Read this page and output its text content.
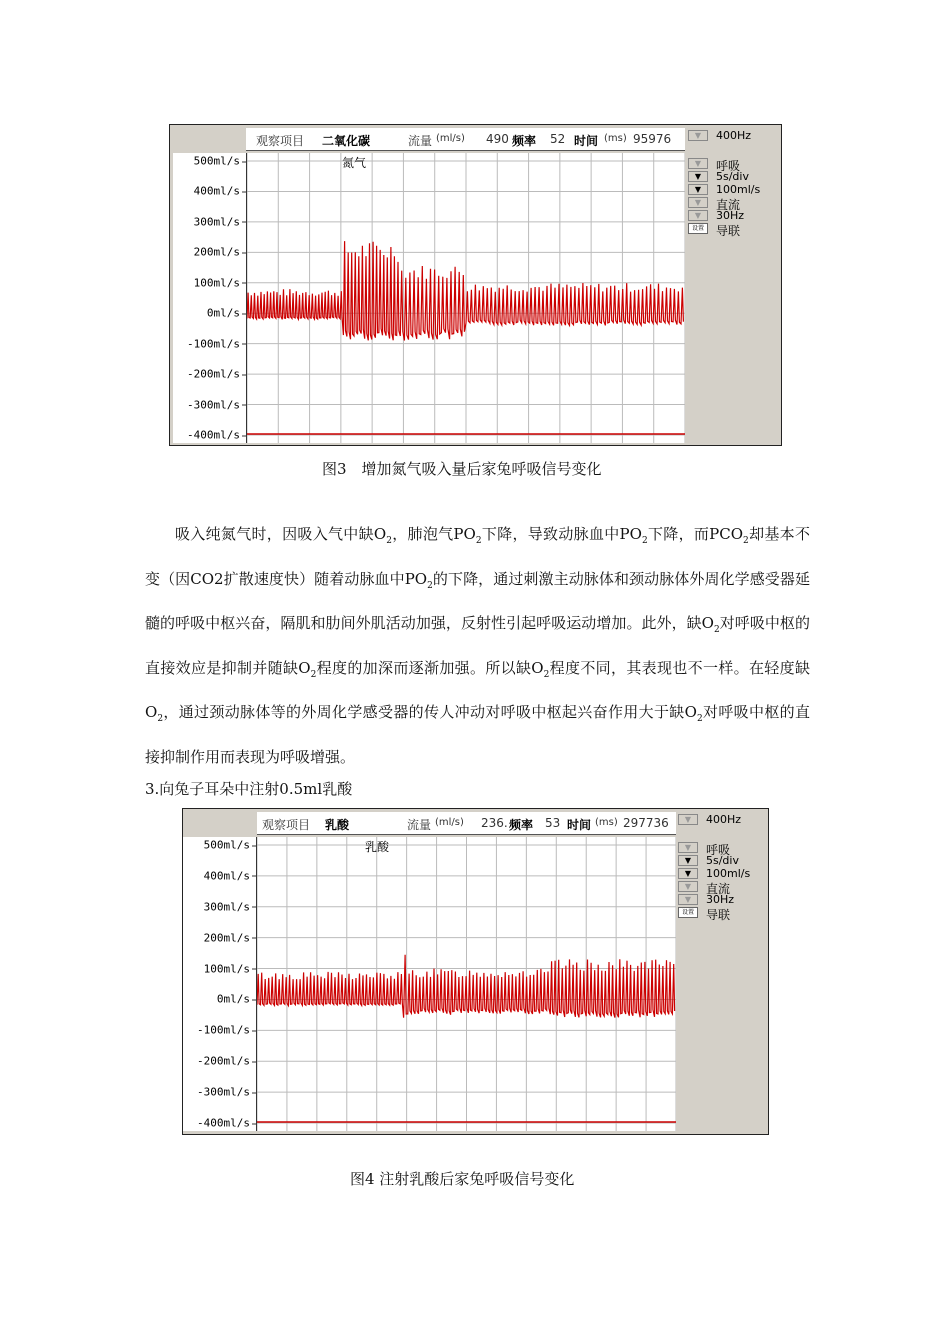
观察项目 二氧化碳	流量 (ml/s) 490 频率 52 时间 (ms) 95976
500ml/s
400ml/s
300ml/s
200ml/s
100ml/s
0ml/s
-100ml/s
-200ml/s
-300ml/s
-400ml/s
氮气
▼	400Hz
▼	呼吸
▼	5s/div
▼	100ml/s
▼	直流
▼	30Hz
设置	导联
图3　增加氮气吸入量后家兔呼吸信号变化

吸入纯氮气时，因吸入气中缺$O_2$，肺泡气$PO_2$下降，导致动脉血中$PO_2$下降，而$PCO_2$却基本不变（因CO2扩散速度快）随着动脉血中$PO_2$的下降，通过刺激主动脉体和颈动脉体外周化学感受器延髓的呼吸中枢兴奋，隔肌和肋间外肌活动加强，反射性引起呼吸运动增加。此外，缺$O_2$对呼吸中枢的直接效应是抑制并随缺$O_2$程度的加深而逐渐加强。所以缺$O_2$程度不同，其表现也不一样。在轻度缺$O_2$，通过颈动脉体等的外周化学感受器的传人冲动对呼吸中枢起兴奋作用大于缺$O_2$对呼吸中枢的直接抑制作用而表现为呼吸增强。

3.向兔子耳朵中注射0.5ml乳酸
观察项目 乳酸	流量 (ml/s) 236. 频率 53 时间 (ms) 297736
500ml/s
400ml/s
300ml/s
200ml/s
100ml/s
0ml/s
-100ml/s
-200ml/s
-300ml/s
-400ml/s
乳酸
▼	400Hz
▼	呼吸
▼	5s/div
▼	100ml/s
▼	直流
▼	30Hz
设置	导联
图4 注射乳酸后家兔呼吸信号变化
